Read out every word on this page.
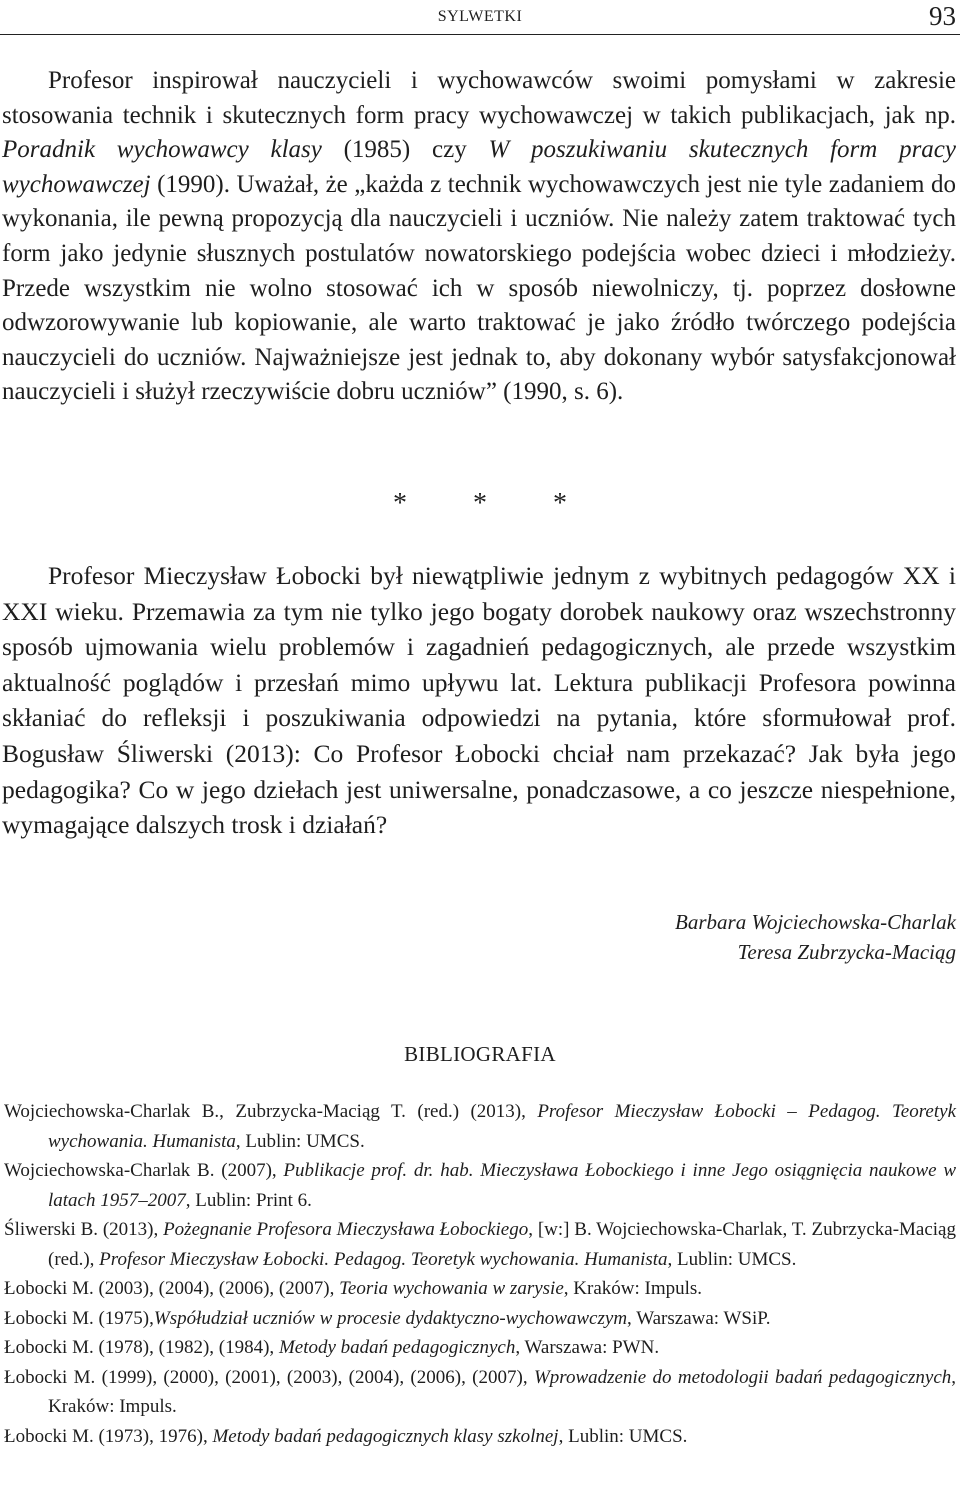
SYLWETKI	93

Profesor inspirował nauczycieli i wychowawców swoimi pomysłami w zakresie stosowania technik i skutecznych form pracy wychowawczej w takich publikacjach, jak np. Poradnik wychowawcy klasy (1985) czy W poszukiwaniu skutecznych form pracy wychowawczej (1990). Uważał, że „każda z technik wychowawczych jest nie tyle zadaniem do wykonania, ile pewną propozycją dla nauczycieli i uczniów. Nie należy zatem traktować tych form jako jedynie słusznych postulatów nowatorskiego podejścia wobec dzieci i młodzieży. Przede wszystkim nie wolno stosować ich w sposób niewolniczy, tj. poprzez dosłowne odwzorowywanie lub kopiowanie, ale warto traktować je jako źródło twórczego podejścia nauczycieli do uczniów. Najważniejsze jest jednak to, aby dokonany wybór satysfakcjonował nauczycieli i służył rzeczywiście dobru uczniów” (1990, s. 6).

* * *

Profesor Mieczysław Łobocki był niewątpliwie jednym z wybitnych pedagogów XX i XXI wieku. Przemawia za tym nie tylko jego bogaty dorobek naukowy oraz wszechstronny sposób ujmowania wielu problemów i zagadnień pedagogicznych, ale przede wszystkim aktualność poglądów i przesłań mimo upływu lat. Lektura publikacji Profesora powinna skłaniać do refleksji i poszukiwania odpowiedzi na pytania, które sformułował prof. Bogusław Śliwerski (2013): Co Profesor Łobocki chciał nam przekazać? Jak była jego pedagogika? Co w jego dziełach jest uniwersalne, ponadczasowe, a co jeszcze niespełnione, wymagające dalszych trosk i działań?

Barbara Wojciechowska-Charlak
Teresa Zubrzycka-Maciąg
BIBLIOGRAFIA
Wojciechowska-Charlak B., Zubrzycka-Maciąg T. (red.) (2013), Profesor Mieczysław Łobocki – Pedagog. Teoretyk wychowania. Humanista, Lublin: UMCS.
Wojciechowska-Charlak B. (2007), Publikacje prof. dr. hab. Mieczysława Łobockiego i inne Jego osiągnięcia naukowe w latach 1957–2007, Lublin: Print 6.
Śliwerski B. (2013), Pożegnanie Profesora Mieczysława Łobockiego, [w:] B. Wojciechowska-Charlak, T. Zubrzycka-Maciąg (red.), Profesor Mieczysław Łobocki. Pedagog. Teoretyk wychowania. Humanista, Lublin: UMCS.
Łobocki M. (2003), (2004), (2006), (2007), Teoria wychowania w zarysie, Kraków: Impuls.
Łobocki M. (1975),Współudział uczniów w procesie dydaktyczno-wychowawczym, Warszawa: WSiP.
Łobocki M. (1978), (1982), (1984), Metody badań pedagogicznych, Warszawa: PWN.
Łobocki M. (1999), (2000), (2001), (2003), (2004), (2006), (2007), Wprowadzenie do metodologii badań pedagogicznych, Kraków: Impuls.
Łobocki M. (1973), 1976), Metody badań pedagogicznych klasy szkolnej, Lublin: UMCS.
